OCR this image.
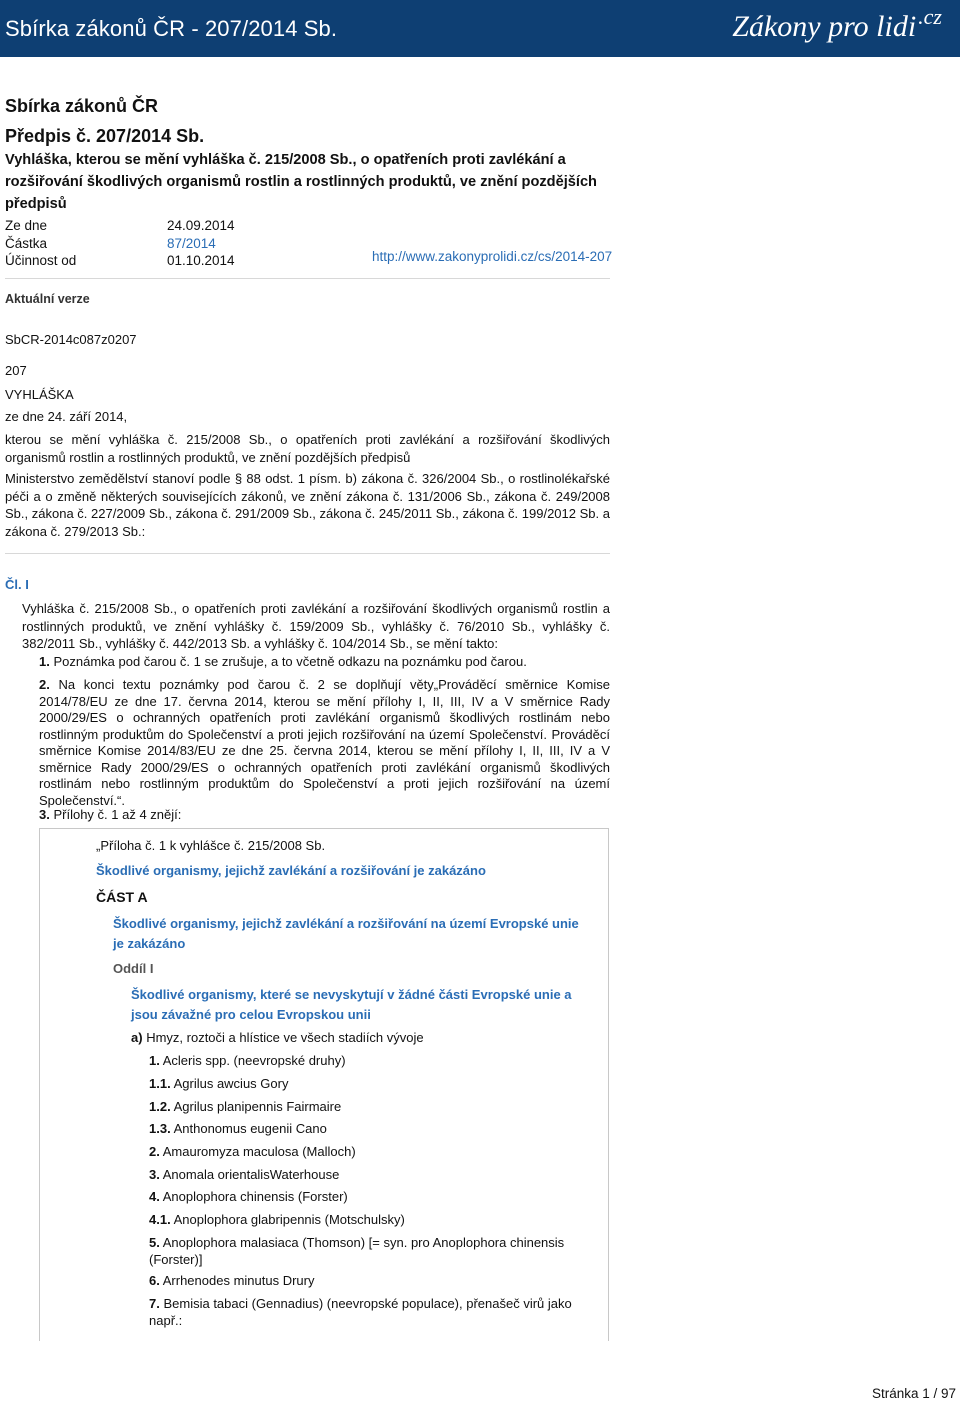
Sbírka zákonů ČR - 207/2014 Sb.	Zákony pro lidi$^{.cz}$
Sbírka zákonů ČR
Předpis č. 207/2014 Sb.
Vyhláška, kterou se mění vyhláška č. 215/2008 Sb., o opatřeních proti zavlékání a rozšiřování škodlivých organismů rostlin a rostlinných produktů, ve znění pozdějších předpisů
Ze dne	24.09.2014
Částka	87/2014
Účinnost od	01.10.2014	http://www.zakonyprolidi.cz/cs/2014-207
Aktuální verze
SbCR-2014c087z0207
207
VYHLÁŠKA
ze dne 24. září 2014,
kterou se mění vyhláška č. 215/2008 Sb., o opatřeních proti zavlékání a rozšiřování škodlivých organismů rostlin a rostlinných produktů, ve znění pozdějších předpisů
Ministerstvo zemědělství stanoví podle § 88 odst. 1 písm. b) zákona č. 326/2004 Sb., o rostlinolékařské péči a o změně některých souvisejících zákonů, ve znění zákona č. 131/2006 Sb., zákona č. 249/2008 Sb., zákona č. 227/2009 Sb., zákona č. 291/2009 Sb., zákona č. 245/2011 Sb., zákona č. 199/2012 Sb. a zákona č. 279/2013 Sb.:
Čl. I
Vyhláška č. 215/2008 Sb., o opatřeních proti zavlékání a rozšiřování škodlivých organismů rostlin a rostlinných produktů, ve znění vyhlášky č. 159/2009 Sb., vyhlášky č. 76/2010 Sb., vyhlášky č. 382/2011 Sb., vyhlášky č. 442/2013 Sb. a vyhlášky č. 104/2014 Sb., se mění takto:
1. Poznámka pod čarou č. 1 se zrušuje, a to včetně odkazu na poznámku pod čarou.
2. Na konci textu poznámky pod čarou č. 2 se doplňují věty„Prováděcí směrnice Komise 2014/78/EU ze dne 17. června 2014, kterou se mění přílohy I, II, III, IV a V směrnice Rady 2000/29/ES o ochranných opatřeních proti zavlékání organismů škodlivých rostlinám nebo rostlinným produktům do Společenství a proti jejich rozšiřování na území Společenství. Prováděcí směrnice Komise 2014/83/EU ze dne 25. června 2014, kterou se mění přílohy I, II, III, IV a V směrnice Rady 2000/29/ES o ochranných opatřeních proti zavlékání organismů škodlivých rostlinám nebo rostlinným produktům do Společenství a proti jejich rozšiřování na území Společenství.“.
3. Přílohy č. 1 až 4 znějí:
„Příloha č. 1 k vyhlášce č. 215/2008 Sb.
Škodlivé organismy, jejichž zavlékání a rozšiřování je zakázáno
ČÁST A
Škodlivé organismy, jejichž zavlékání a rozšiřování na území Evropské unie je zakázáno
Oddíl I
Škodlivé organismy, které se nevyskytují v žádné části Evropské unie a jsou závažné pro celou Evropskou unii
a) Hmyz, roztoči a hlístice ve všech stadiích vývoje
1. Acleris spp. (neevropské druhy)
1.1. Agrilus awcius Gory
1.2. Agrilus planipennis Fairmaire
1.3. Anthonomus eugenii Cano
2. Amauromyza maculosa (Malloch)
3. Anomala orientalisWaterhouse
4. Anoplophora chinensis (Forster)
4.1. Anoplophora glabripennis (Motschulsky)
5. Anoplophora malasiaca (Thomson) [= syn. pro Anoplophora chinensis (Forster)]
6. Arrhenodes minutus Drury
7. Bemisia tabaci (Gennadius) (neevropské populace), přenašeč virů jako např.:
Stránka 1 / 97
